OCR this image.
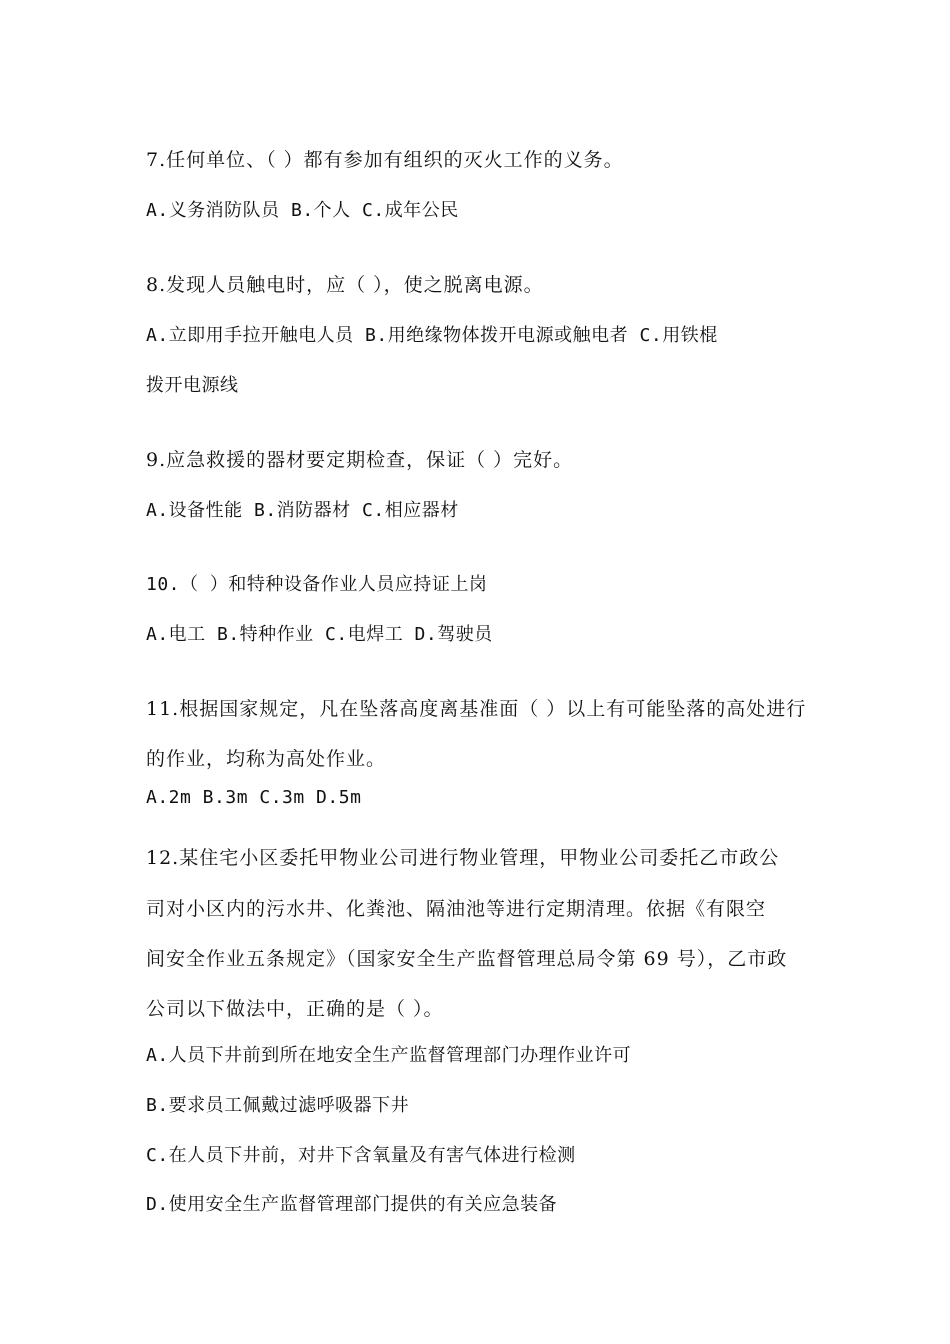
7.任何单位、（ ）都有参加有组织的灭火工作的义务。
A.义务消防队员 B.个人 C.成年公民
8.发现人员触电时，应（ ），使之脱离电源。
A.立即用手拉开触电人员 B.用绝缘物体拨开电源或触电者 C.用铁棍
拨开电源线
9.应急救援的器材要定期检查，保证（ ）完好。
A.设备性能 B.消防器材 C.相应器材
10.（ ）和特种设备作业人员应持证上岗
A.电工 B.特种作业 C.电焊工 D.驾驶员
11.根据国家规定，凡在坠落高度离基准面（ ）以上有可能坠落的高处进行
的作业，均称为高处作业。
A.2m B.3m C.3m D.5m
12.某住宅小区委托甲物业公司进行物业管理，甲物业公司委托乙市政公
司对小区内的污水井、化粪池、隔油池等进行定期清理。依据《有限空
间安全作业五条规定》（国家安全生产监督管理总局令第 69 号），乙市政
公司以下做法中，正确的是（ ）。
A.人员下井前到所在地安全生产监督管理部门办理作业许可
B.要求员工佩戴过滤呼吸器下井
C.在人员下井前，对井下含氧量及有害气体进行检测
D.使用安全生产监督管理部门提供的有关应急装备
